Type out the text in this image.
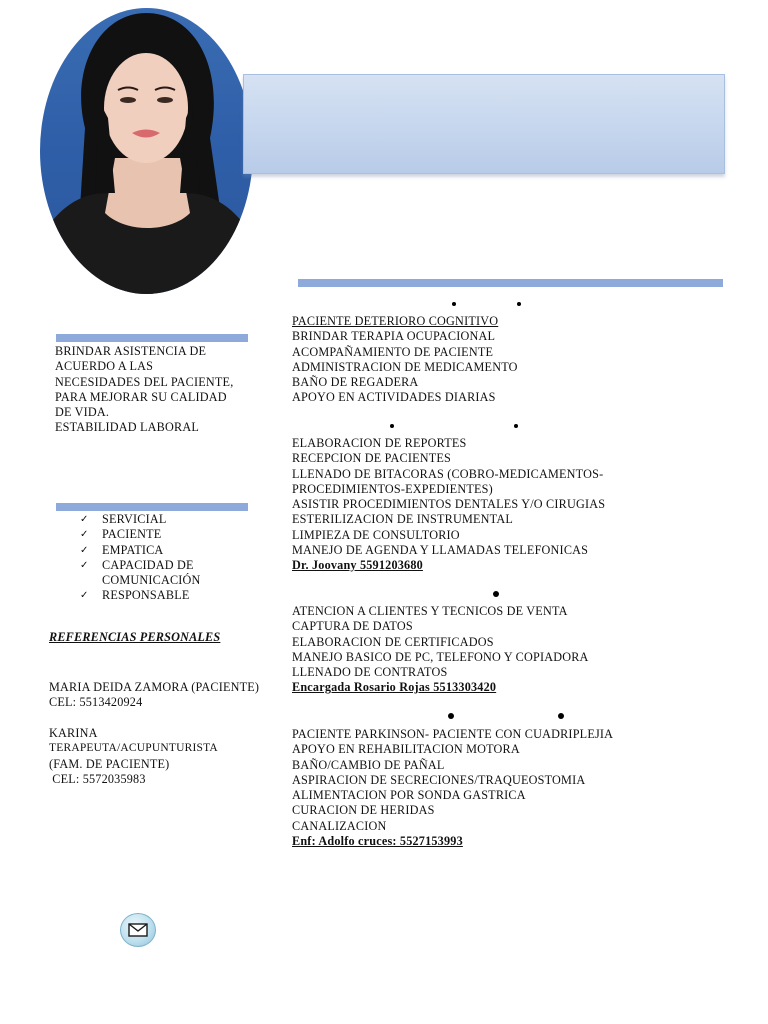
BRINDAR ASISTENCIA DE
ACUERDO A LAS
NECESIDADES DEL PACIENTE,
PARA MEJORAR SU CALIDAD
DE VIDA.
ESTABILIDAD LABORAL
✓ SERVICIAL
✓ PACIENTE
✓ EMPATICA
✓ CAPACIDAD DE
COMUNICACIÓN
✓ RESPONSABLE
REFERENCIAS PERSONALES
MARIA DEIDA ZAMORA (PACIENTE)
CEL: 5513420924
KARINA
TERAPEUTA/ACUPUNTURISTA
(FAM. DE PACIENTE)
CEL: 5572035983
PACIENTE DETERIORO COGNITIVO
BRINDAR TERAPIA OCUPACIONAL
ACOMPAÑAMIENTO DE PACIENTE
ADMINISTRACION DE MEDICAMENTO
BAÑO DE REGADERA
APOYO EN ACTIVIDADES DIARIAS
ELABORACION DE REPORTES
RECEPCION DE PACIENTES
LLENADO DE BITACORAS (COBRO-MEDICAMENTOS-
PROCEDIMIENTOS-EXPEDIENTES)
ASISTIR PROCEDIMIENTOS DENTALES Y/O CIRUGIAS
ESTERILIZACION DE INSTRUMENTAL
LIMPIEZA DE CONSULTORIO
MANEJO DE AGENDA Y LLAMADAS TELEFONICAS
Dr. Joovany 5591203680
ATENCION A CLIENTES Y TECNICOS DE VENTA
CAPTURA DE DATOS
ELABORACION DE CERTIFICADOS
MANEJO BASICO DE PC, TELEFONO Y COPIADORA
LLENADO DE CONTRATOS
Encargada Rosario Rojas 5513303420
PACIENTE PARKINSON- PACIENTE CON CUADRIPLEJIA
APOYO EN REHABILITACION MOTORA
BAÑO/CAMBIO DE PAÑAL
ASPIRACION DE SECRECIONES/TRAQUEOSTOMIA
ALIMENTACION POR SONDA GASTRICA
CURACION DE HERIDAS
CANALIZACION
Enf: Adolfo cruces: 5527153993
